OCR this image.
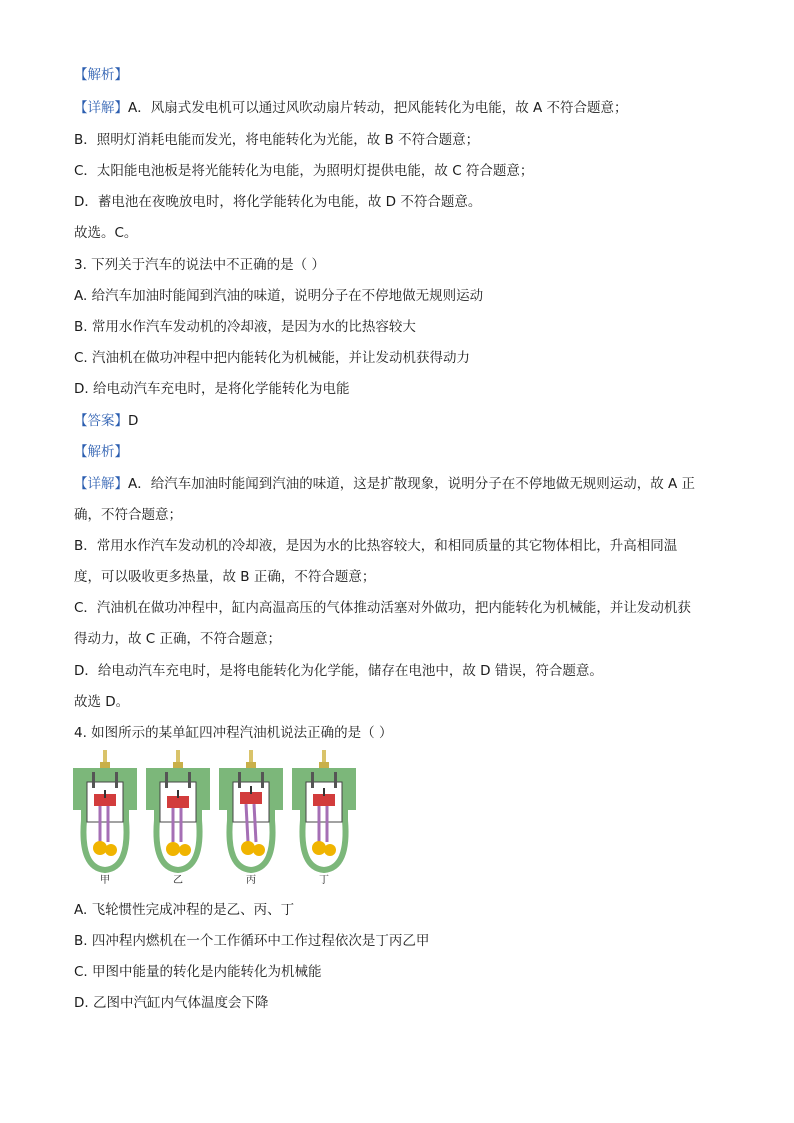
【解析】
【详解】A．风扇式发电机可以通过风吹动扇片转动，把风能转化为电能，故 A 不符合题意；
B．照明灯消耗电能而发光，将电能转化为光能，故 B 不符合题意；
C．太阳能电池板是将光能转化为电能，为照明灯提供电能，故 C 符合题意；
D．蓄电池在夜晚放电时，将化学能转化为电能，故 D 不符合题意。
故选。C。
3. 下列关于汽车的说法中不正确的是（ ）
A. 给汽车加油时能闻到汽油的味道，说明分子在不停地做无规则运动
B. 常用水作汽车发动机的冷却液，是因为水的比热容较大
C. 汽油机在做功冲程中把内能转化为机械能，并让发动机获得动力
D. 给电动汽车充电时，是将化学能转化为电能
【答案】D
【解析】
【详解】A．给汽车加油时能闻到汽油的味道，这是扩散现象，说明分子在不停地做无规则运动，故 A 正
确，不符合题意；
B．常用水作汽车发动机的冷却液，是因为水的比热容较大，和相同质量的其它物体相比，升高相同温
度，可以吸收更多热量，故 B 正确，不符合题意；
C．汽油机在做功冲程中，缸内高温高压的气体推动活塞对外做功，把内能转化为机械能，并让发动机获
得动力，故 C 正确，不符合题意；
D．给电动汽车充电时，是将电能转化为化学能，储存在电池中，故 D 错误，符合题意。
故选 D。
4. 如图所示的某单缸四冲程汽油机说法正确的是（ ）
甲	乙	丙	丁
A. 飞轮惯性完成冲程的是乙、丙、丁
B. 四冲程内燃机在一个工作循环中工作过程依次是丁丙乙甲
C. 甲图中能量的转化是内能转化为机械能
D. 乙图中汽缸内气体温度会下降
